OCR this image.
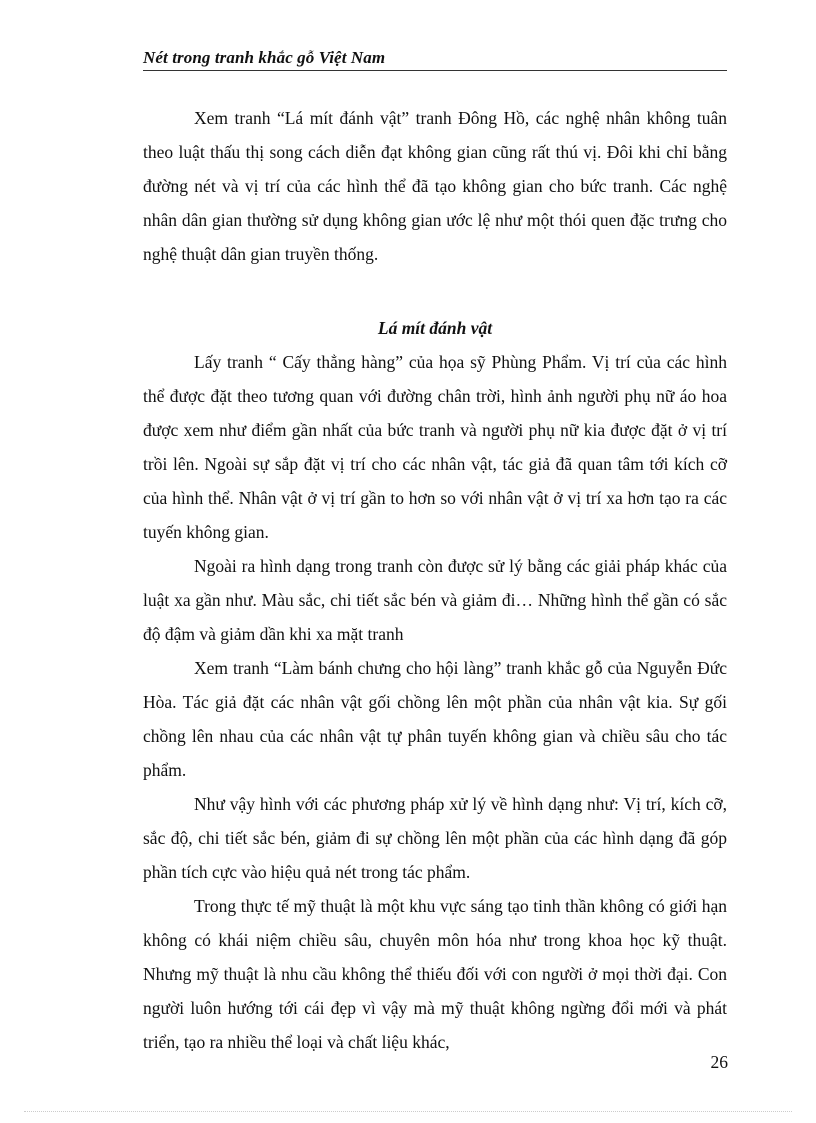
Nét trong tranh khắc gỗ Việt Nam

Xem tranh “Lá mít đánh vật” tranh Đông Hồ, các nghệ nhân không tuân theo luật thấu thị song cách diễn đạt không gian cũng rất thú vị. Đôi khi chỉ bằng đường nét và vị trí của các hình thể đã tạo không gian cho bức tranh. Các nghệ nhân dân gian thường sử dụng không gian ước lệ như một thói quen đặc trưng cho nghệ thuật dân gian truyền thống.

Lá mít đánh vật

Lấy tranh “ Cấy thẳng hàng” của họa sỹ Phùng Phẩm. Vị trí của các hình thể được đặt theo tương quan với đường chân trời, hình ảnh người phụ nữ áo hoa được xem như điểm gần nhất của bức tranh và người phụ nữ kia được đặt ở vị trí trồi lên. Ngoài sự sắp đặt vị trí cho các nhân vật, tác giả đã quan tâm tới kích cỡ của hình thể. Nhân vật ở vị trí gần to hơn so với nhân vật ở vị trí xa hơn tạo ra các tuyến không gian.

Ngoài ra hình dạng trong tranh còn được sử lý bằng các giải pháp khác của luật xa gần như. Màu sắc, chi tiết sắc bén và giảm đi… Những hình thể gần có sắc độ đậm và giảm dần khi xa mặt tranh

Xem tranh “Làm bánh chưng cho hội làng” tranh khắc gỗ của Nguyễn Đức Hòa. Tác giả đặt các nhân vật gối chồng lên một phần của nhân vật kia. Sự gối chồng lên nhau của các nhân vật tự phân tuyến không gian và chiều sâu cho tác phẩm.

Như vậy hình với các phương pháp xử lý về hình dạng như: Vị trí, kích cỡ, sắc độ, chi tiết sắc bén, giảm đi sự chồng lên một phần của các hình dạng đã góp phần tích cực vào hiệu quả nét trong tác phẩm.

Trong thực tế mỹ thuật là một khu vực sáng tạo tinh thần không có giới hạn không có khái niệm chiều sâu, chuyên môn hóa như trong khoa học kỹ thuật. Nhưng mỹ thuật là nhu cầu không thể thiếu đối với con người ở mọi thời đại. Con người luôn hướng tới cái đẹp vì vậy mà mỹ thuật không ngừng đổi mới và phát triển, tạo ra nhiều thể loại và chất liệu khác,

26
